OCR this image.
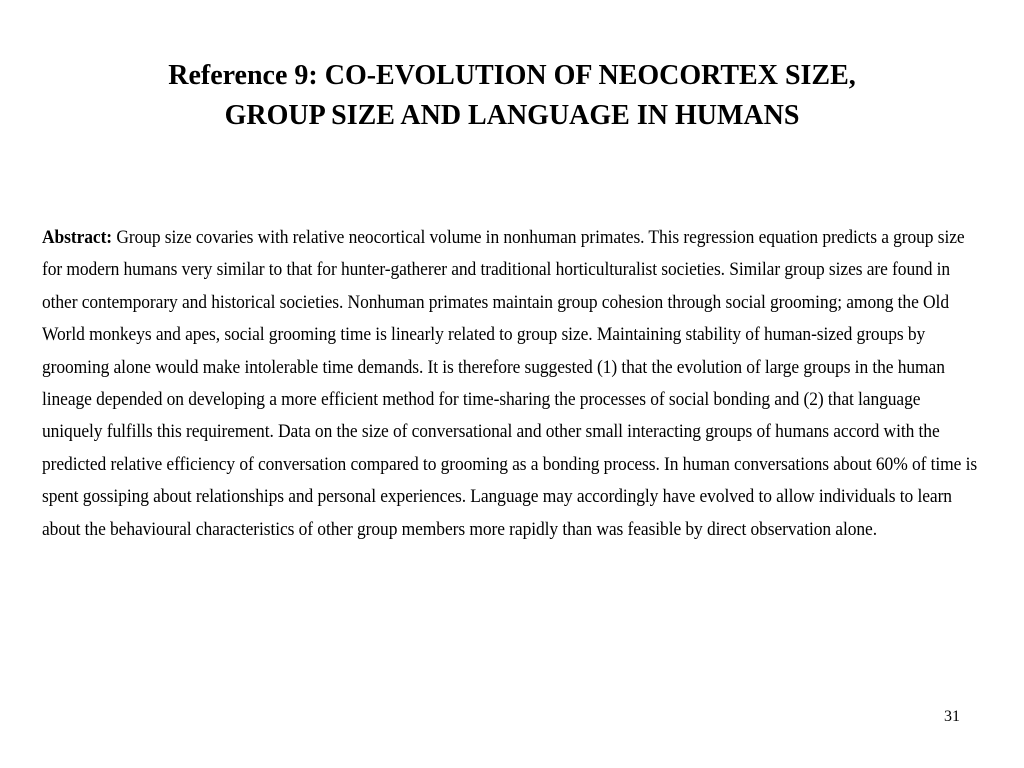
Reference 9: CO-EVOLUTION OF NEOCORTEX SIZE,
GROUP SIZE AND LANGUAGE IN HUMANS
Abstract: Group size covaries with relative neocortical volume in nonhuman primates. This regression equation predicts a group size
for modern humans very similar to that for hunter-gatherer and traditional horticulturalist societies. Similar group sizes are found in
other contemporary and historical societies. Nonhuman primates maintain group cohesion through social grooming; among the Old
World monkeys and apes, social grooming time is linearly related to group size. Maintaining stability of human-sized groups by
grooming alone would make intolerable time demands. It is therefore suggested (1) that the evolution of large groups in the human
lineage depended on developing a more efficient method for time-sharing the processes of social bonding and (2) that language
uniquely fulfills this requirement. Data on the size of conversational and other small interacting groups of humans accord with the
predicted relative efficiency of conversation compared to grooming as a bonding process. In human conversations about 60% of time is
spent gossiping about relationships and personal experiences. Language may accordingly have evolved to allow individuals to learn
about the behavioural characteristics of other group members more rapidly than was feasible by direct observation alone.
31
